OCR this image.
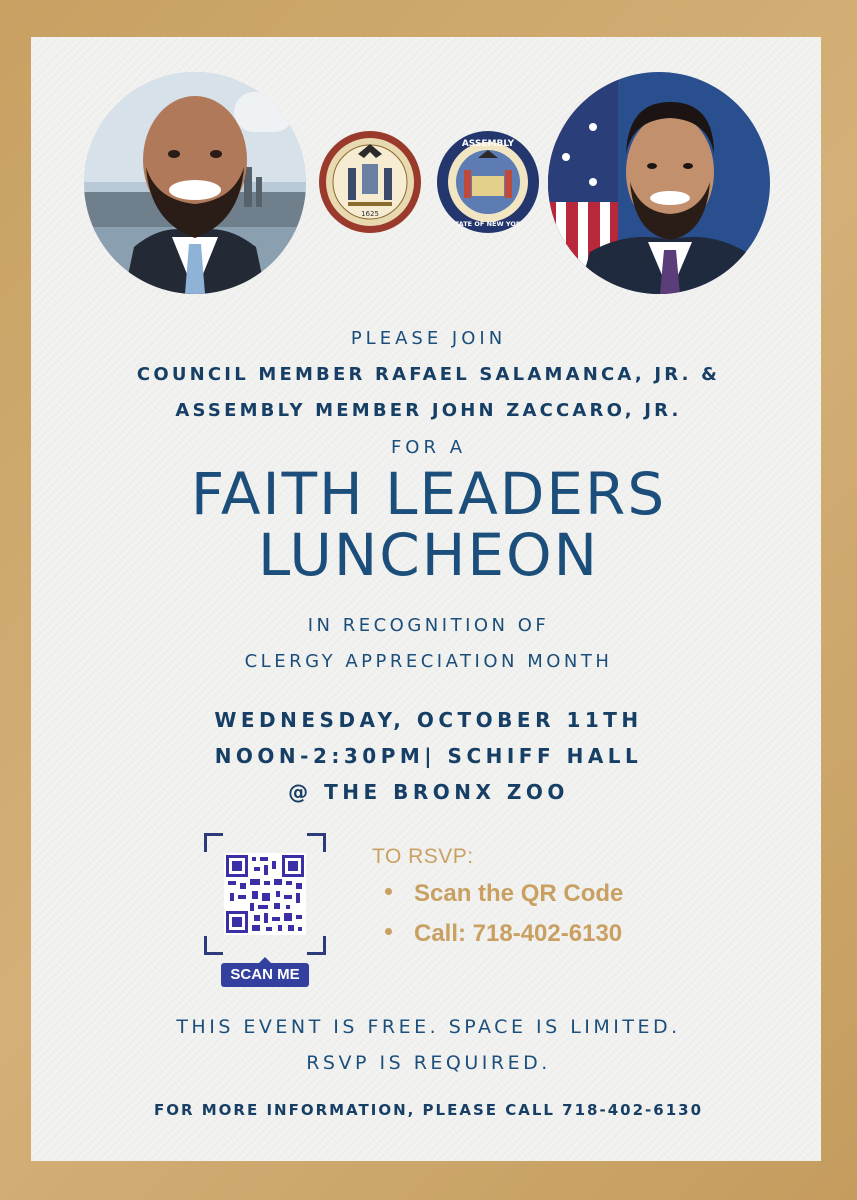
1625
ASSEMBLY
STATE OF NEW YORK
PLEASE JOIN
COUNCIL MEMBER RAFAEL SALAMANCA, JR. &
ASSEMBLY MEMBER JOHN ZACCARO, JR.
FOR A
FAITH LEADERS
LUNCHEON
IN RECOGNITION OF
CLERGY APPRECIATION MONTH
WEDNESDAY, OCTOBER 11TH
NOON-2:30PM| SCHIFF HALL
@ THE BRONX ZOO
SCAN ME
TO RSVP:
Scan the QR Code
Call: 718-402-6130
THIS EVENT IS FREE. SPACE IS LIMITED.
RSVP IS REQUIRED.
FOR MORE INFORMATION, PLEASE CALL 718-402-6130
